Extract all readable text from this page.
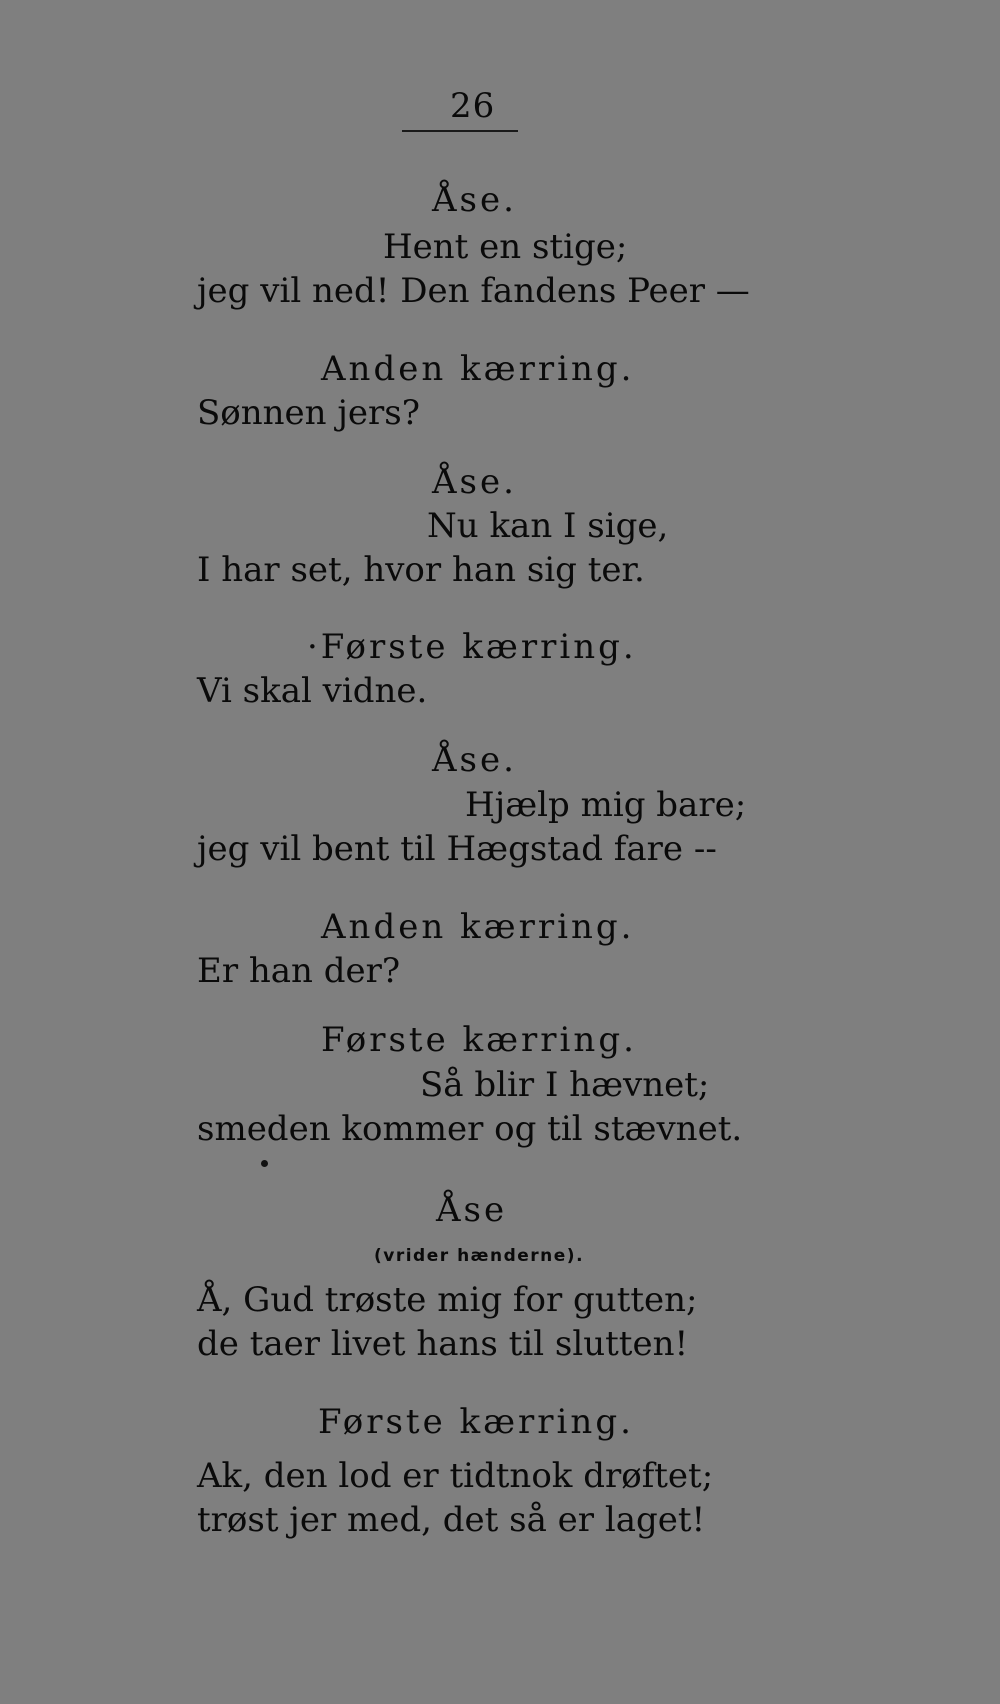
26
Åse.
Hent en stige;
jeg vil ned! Den fandens Peer —
Anden kærring.
Sønnen jers?
Åse.
Nu kan I sige,
I har set, hvor han sig ter.
·Første kærring.
Vi skal vidne.
Åse.
Hjælp mig bare;
jeg vil bent til Hægstad fare --
Anden kærring.
Er han der?
Første kærring.
Så blir I hævnet;
smeden kommer og til stævnet.
Åse
(vrider hænderne).
Å, Gud trøste mig for gutten;
de taer livet hans til slutten!
Første kærring.
Ak, den lod er tidtnok drøftet;
trøst jer med, det så er laget!
